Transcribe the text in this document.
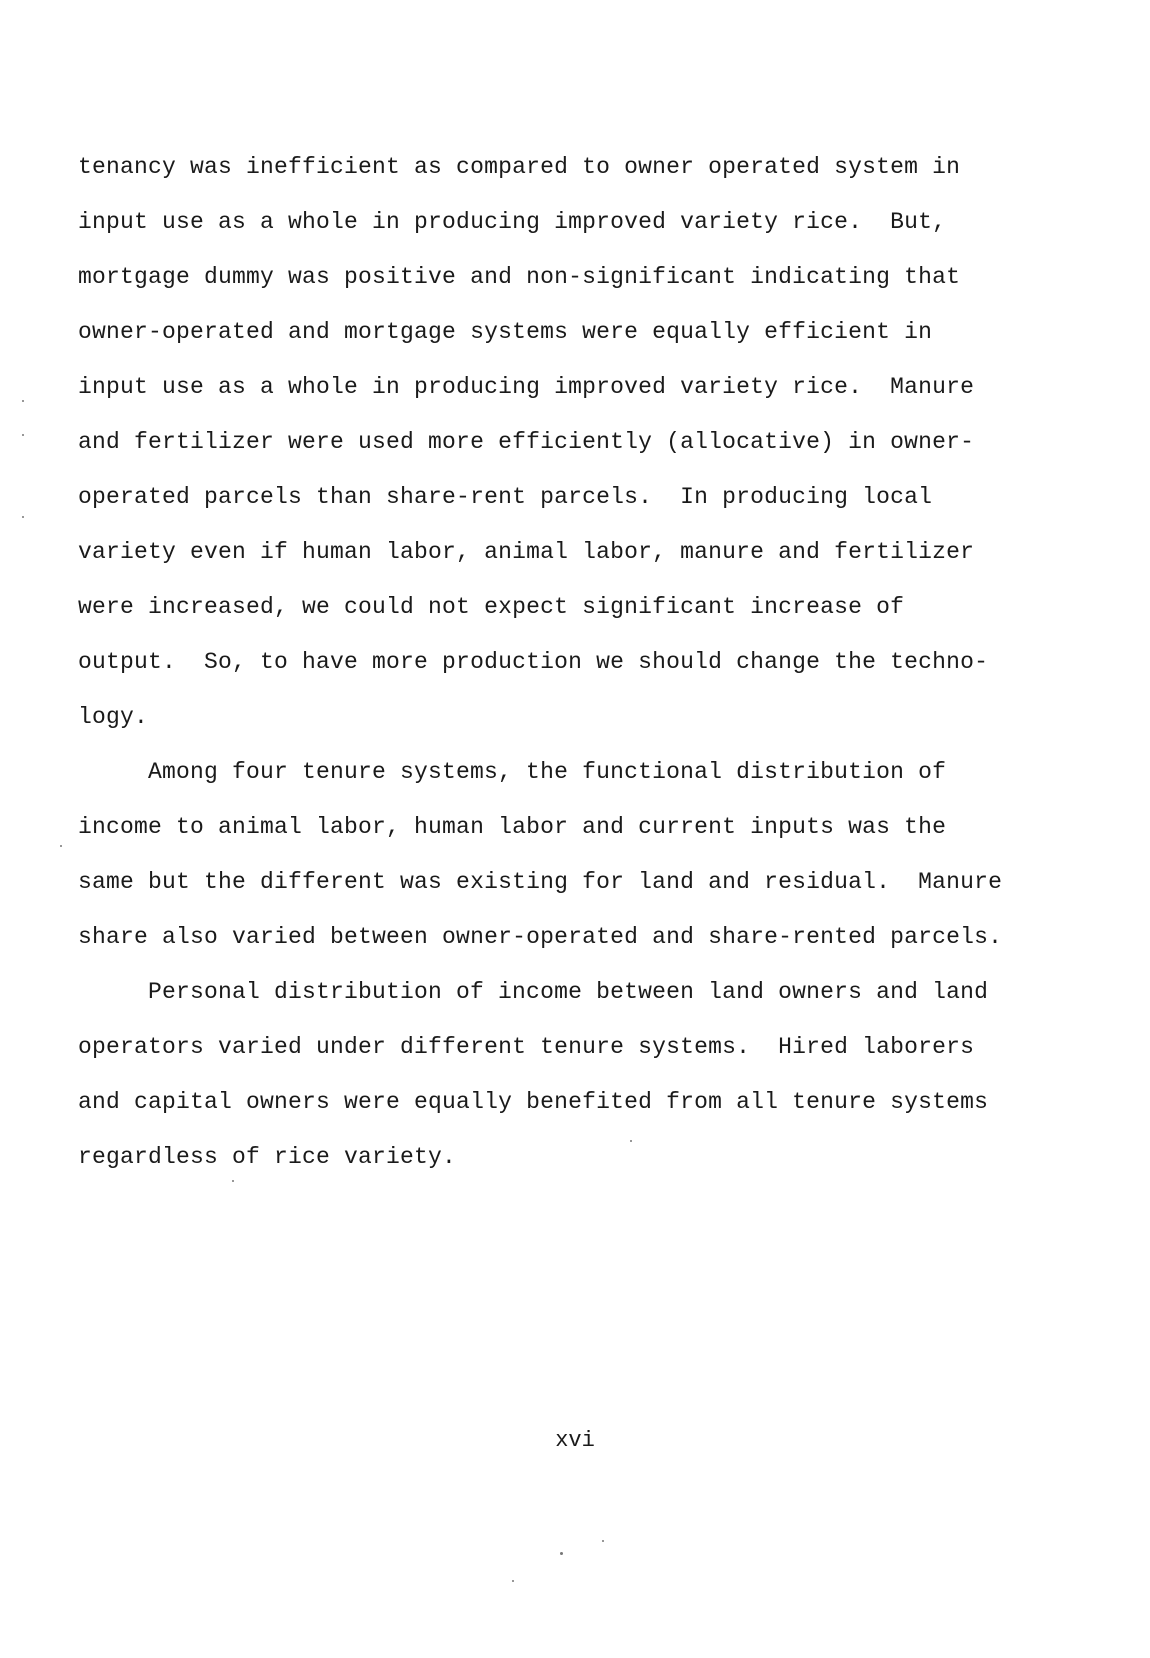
tenancy was inefficient as compared to owner operated system in
input use as a whole in producing improved variety rice.  But,
mortgage dummy was positive and non-significant indicating that
owner-operated and mortgage systems were equally efficient in
input use as a whole in producing improved variety rice.  Manure
and fertilizer were used more efficiently (allocative) in owner-
operated parcels than share-rent parcels.  In producing local
variety even if human labor, animal labor, manure and fertilizer
were increased, we could not expect significant increase of
output.  So, to have more production we should change the techno-
logy.
Among four tenure systems, the functional distribution of
income to animal labor, human labor and current inputs was the
same but the different was existing for land and residual.  Manure
share also varied between owner-operated and share-rented parcels.
Personal distribution of income between land owners and land
operators varied under different tenure systems.  Hired laborers
and capital owners were equally benefited from all tenure systems
regardless of rice variety.
xvi
